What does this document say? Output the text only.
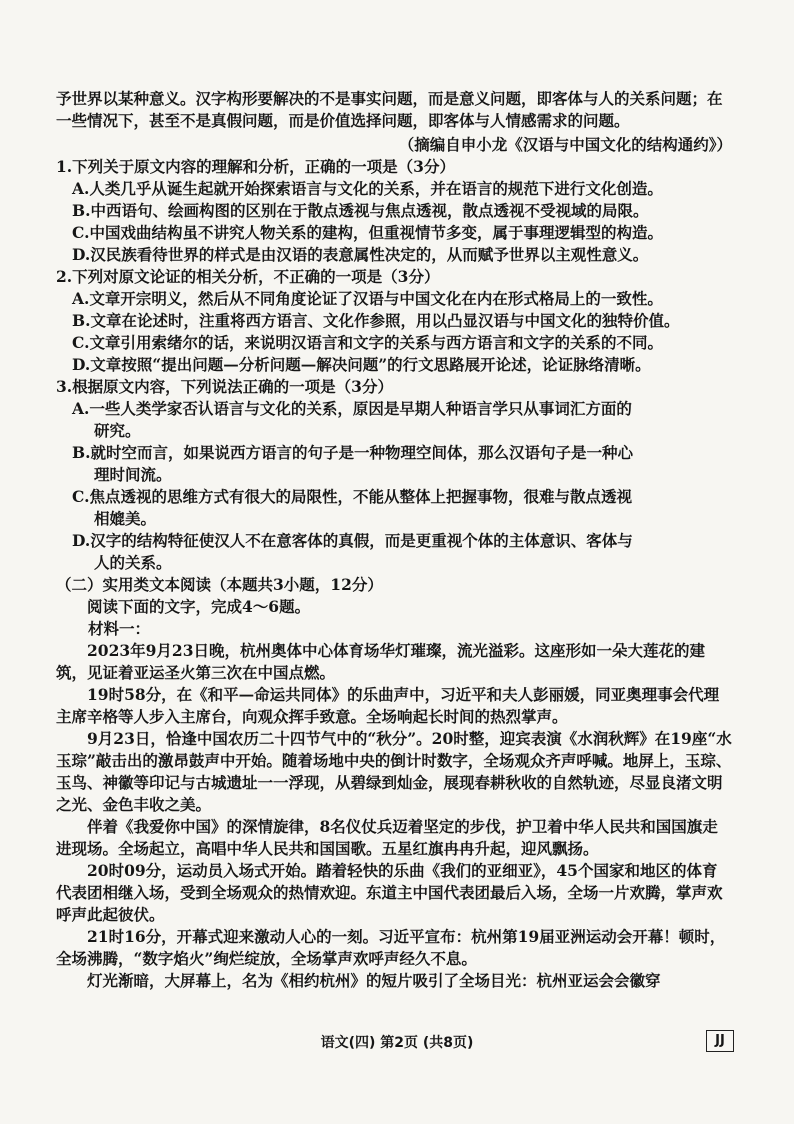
予世界以某种意义。汉字构形要解决的不是事实问题，而是意义问题，即客体与人的关系问题；在一些情况下，甚至不是真假问题，而是价值选择问题，即客体与人情感需求的问题。

（摘编自申小龙《汉语与中国文化的结构通约》）

1.下列关于原文内容的理解和分析，正确的一项是（3分）

A.人类几乎从诞生起就开始探索语言与文化的关系，并在语言的规范下进行文化创造。

B.中西语句、绘画构图的区别在于散点透视与焦点透视，散点透视不受视域的局限。

C.中国戏曲结构虽不讲究人物关系的建构，但重视情节多变，属于事理逻辑型的构造。

D.汉民族看待世界的样式是由汉语的表意属性决定的，从而赋予世界以主观性意义。

2.下列对原文论证的相关分析，不正确的一项是（3分）

A.文章开宗明义，然后从不同角度论证了汉语与中国文化在内在形式格局上的一致性。

B.文章在论述时，注重将西方语言、文化作参照，用以凸显汉语与中国文化的独特价值。

C.文章引用索绪尔的话，来说明汉语言和文字的关系与西方语言和文字的关系的不同。

D.文章按照“提出问题—分析问题—解决问题”的行文思路展开论述，论证脉络清晰。

3.根据原文内容，下列说法正确的一项是（3分）

A.一些人类学家否认语言与文化的关系，原因是早期人种语言学只从事词汇方面的

研究。

B.就时空而言，如果说西方语言的句子是一种物理空间体，那么汉语句子是一种心

理时间流。

C.焦点透视的思维方式有很大的局限性，不能从整体上把握事物，很难与散点透视

相媲美。

D.汉字的结构特征使汉人不在意客体的真假，而是更重视个体的主体意识、客体与

人的关系。

（二）实用类文本阅读（本题共3小题，12分）

阅读下面的文字，完成4～6题。

材料一：

2023年9月23日晚，杭州奥体中心体育场华灯璀璨，流光溢彩。这座形如一朵大莲花的建筑，见证着亚运圣火第三次在中国点燃。

19时58分，在《和平—命运共同体》的乐曲声中，习近平和夫人彭丽媛，同亚奥理事会代理主席辛格等人步入主席台，向观众挥手致意。全场响起长时间的热烈掌声。

9月23日，恰逢中国农历二十四节气中的“秋分”。20时整，迎宾表演《水润秋辉》在19座“水玉琮”敲击出的激昂鼓声中开始。随着场地中央的倒计时数字，全场观众齐声呼喊。地屏上，玉琮、玉鸟、神徽等印记与古城遗址一一浮现，从碧绿到灿金，展现春耕秋收的自然轨迹，尽显良渚文明之光、金色丰收之美。

伴着《我爱你中国》的深情旋律，8名仪仗兵迈着坚定的步伐，护卫着中华人民共和国国旗走进现场。全场起立，高唱中华人民共和国国歌。五星红旗冉冉升起，迎风飘扬。

20时09分，运动员入场式开始。踏着轻快的乐曲《我们的亚细亚》，45个国家和地区的体育代表团相继入场，受到全场观众的热情欢迎。东道主中国代表团最后入场，全场一片欢腾，掌声欢呼声此起彼伏。

21时16分，开幕式迎来激动人心的一刻。习近平宣布：杭州第19届亚洲运动会开幕！顿时，全场沸腾，“数字焰火”绚烂绽放，全场掌声欢呼声经久不息。

灯光渐暗，大屏幕上，名为《相约杭州》的短片吸引了全场目光：杭州亚运会会徽穿

语文(四) 第2页 (共8页)	JJ
